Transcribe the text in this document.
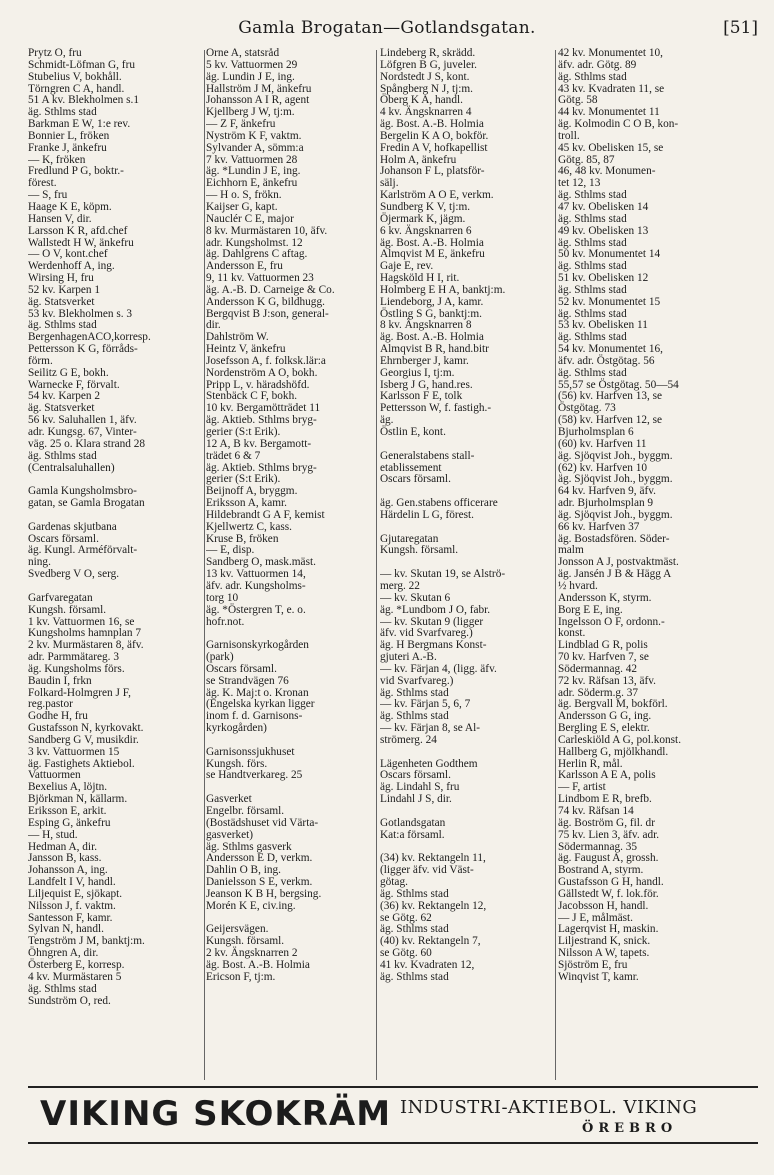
Gamla Brogatan—Gotlandsgatan.	[51]
Prytz O, fru
Schmidt-Löfman G, fru
Stubelius V, bokhåll.
Törngren C A, handl.
51 A kv. Blekholmen s.1
äg. Sthlms stad
Barkman E W, 1:e rev.
Bonnier L, fröken
Franke J, änkefru
— K, fröken
Fredlund P G, boktr.-
förest.
— S, fru
Haage K E, köpm.
Hansen V, dir.
Larsson K R, afd.chef
Wallstedt H W, änkefru
— O V, kont.chef
Werdenhoff A, ing.
Wirsing H, fru
52 kv. Karpen 1
äg. Statsverket
53 kv. Blekholmen s. 3
äg. Sthlms stad
BergenhagenACO,korresp.
Pettersson K G, förråds-
förm.
Seilitz G E, bokh.
Warnecke F, förvalt.
54 kv. Karpen 2
äg. Statsverket
56 kv. Saluhallen 1, äfv.
adr. Kungsg. 67, Vinter-
väg. 25 o. Klara strand 28
äg. Sthlms stad
(Centralsaluhallen)

Gamla Kungsholmsbro-
gatan, se Gamla Brogatan

Gardenas skjutbana
Oscars församl.
äg. Kungl. Arméförvalt-
ning.
Svedberg V O, serg.

Garfvaregatan
Kungsh. församl.
1 kv. Vattuormen 16, se
Kungsholms hamnplan 7
2 kv. Murmästaren 8, äfv.
adr. Parmmätareg. 3
äg. Kungsholms förs.
Baudin I, frkn
Folkard-Holmgren J F,
reg.pastor
Godhe H, fru
Gustafsson N, kyrkovakt.
Sandberg G V, musikdir.
3 kv. Vattuormen 15
äg. Fastighets Aktiebol.
Vattuormen
Bexelius A, löjtn.
Björkman N, källarm.
Eriksson E, arkit.
Esping G, änkefru
— H, stud.
Hedman A, dir.
Jansson B, kass.
Johansson A, ing.
Landfelt I V, handl.
Liljequist E, sjökapt.
Nilsson J, f. vaktm.
Santesson F, kamr.
Sylvan N, handl.
Tengström J M, banktj:m.
Öhngren A, dir.
Österberg E, korresp.
4 kv. Murmästaren 5
äg. Sthlms stad
Sundström O, red.
Örne A, statsråd
5 kv. Vattuormen 29
äg. Lundin J E, ing.
Hallström J M, änkefru
Johansson A I R, agent
Kjellberg J W, tj:m.
— Z F, änkefru
Nyström K F, vaktm.
Sylvander A, sömm:a
7 kv. Vattuormen 28
äg. *Lundin J E, ing.
Eichhorn E, änkefru
— H o. S, frökn.
Kaijser G, kapt.
Nauclér C E, major
8 kv. Murmästaren 10, äfv.
adr. Kungsholmst. 12
äg. Dahlgrens C aftag.
Andersson E, fru
9, 11 kv. Vattuormen 23
äg. A.-B. D. Carneige & Co.
Andersson K G, bildhugg.
Bergqvist B J:son, general-
dir.
Dahlström W.
Heintz V, änkefru
Josefsson A, f. folksk.lär:a
Nordenström A O, bokh.
Pripp L, v. häradshöfd.
Stenbäck C F, bokh.
10 kv. Bergamötträdet 11
äg. Aktieb. Sthlms bryg-
gerier (S:t Erik).
12 A, B kv. Bergamott-
trädet 6 & 7
äg. Aktieb. Sthlms bryg-
gerier (S:t Erik).
Beijnoff A, bryggm.
Eriksson A, kamr.
Hildebrandt G A F, kemist
Kjellwertz C, kass.
Kruse B, fröken
— E, disp.
Sandberg O, mask.mäst.
13 kv. Vattuormen 14,
äfv. adr. Kungsholms-
torg 10
äg. *Östergren T, e. o.
hofr.not.

Garnisonskyrkogården
(park)
Oscars församl.
se Strandvägen 76
äg. K. Maj:t o. Kronan
(Engelska kyrkan ligger
inom f. d. Garnisons-
kyrkogården)

Garnisonssjukhuset
Kungsh. förs.
se Handtverkareg. 25

Gasverket
Engelbr. församl.
(Bostädshuset vid Värta-
gasverket)
äg. Sthlms gasverk
Andersson E D, verkm.
Dahlin O B, ing.
Danielsson S E, verkm.
Jeanson K B H, bergsing.
Morén K E, civ.ing.

Geijersvägen.
Kungsh. församl.
2 kv. Ängsknarren 2
äg. Bost. A.-B. Holmia
Ericson F, tj:m.
Lindeberg R, skrädd.
Löfgren B G, juveler.
Nordstedt J S, kont.
Spångberg N J, tj:m.
Öberg K A, handl.
4 kv. Ängsknarren 4
äg. Bost. A.-B. Holmia
Bergelin K A O, bokför.
Fredin A V, hofkapellist
Holm A, änkefru
Johanson F L, platsför-
sälj.
Karlström A O E, verkm.
Sundberg K V, tj:m.
Öjermark K, jägm.
6 kv. Ängsknarren 6
äg. Bost. A.-B. Holmia
Almqvist M E, änkefru
Gaje E, rev.
Hagsköld H I, rit.
Holmberg E H A, banktj:m.
Liendeborg, J A, kamr.
Östling S G, banktj:m.
8 kv. Ängsknarren 8
äg. Bost. A.-B. Holmia
Almqvist B R, hand.bitr
Ehrnberger J, kamr.
Georgius I, tj:m.
Isberg J G, hand.res.
Karlsson F E, tolk
Pettersson W, f. fastigh.-
äg.
Östlin E, kont.

Generalstabens stall-
etablissement
Oscars församl.

äg. Gen.stabens officerare
Härdelin L G, förest.

Gjutaregatan
Kungsh. församl.

— kv. Skutan 19, se Alströ-
merg. 22
— kv. Skutan 6
äg. *Lundbom J O, fabr.
— kv. Skutan 9 (ligger
äfv. vid Svarfvareg.)
äg. H Bergmans Konst-
gjuteri A.-B.
— kv. Färjan 4, (ligg. äfv.
vid Svarfvareg.)
äg. Sthlms stad
— kv. Färjan 5, 6, 7
äg. Sthlms stad
— kv. Färjan 8, se Al-
strömerg. 24

Lägenheten Godthem
Oscars församl.
äg. Lindahl S, fru
Lindahl J S, dir.

Gotlandsgatan
Kat:a församl.

(34) kv. Rektangeln 11,
(ligger äfv. vid Väst-
götag.
äg. Sthlms stad
(36) kv. Rektangeln 12,
se Götg. 62
äg. Sthlms stad
(40) kv. Rektangeln 7,
se Götg. 60
41 kv. Kvadraten 12,
äg. Sthlms stad
42 kv. Monumentet 10,
äfv. adr. Götg. 89
äg. Sthlms stad
43 kv. Kvadraten 11, se
Götg. 58
44 kv. Monumentet 11
äg. Kolmodin C O B, kon-
troll.
45 kv. Obelisken 15, se
Götg. 85, 87
46, 48 kv. Monumen-
tet 12, 13
äg. Sthlms stad
47 kv. Obelisken 14
äg. Sthlms stad
49 kv. Obelisken 13
äg. Sthlms stad
50 kv. Monumentet 14
äg. Sthlms stad
51 kv. Obelisken 12
äg. Sthlms stad
52 kv. Monumentet 15
äg. Sthlms stad
53 kv. Obelisken 11
äg. Sthlms stad
54 kv. Monumentet 16,
äfv. adr. Östgötag. 56
äg. Sthlms stad
55,57 se Östgötag. 50—54
(56) kv. Harfven 13, se
Östgötag. 73
(58) kv. Harfven 12, se
Bjurholmsplan 6
(60) kv. Harfven 11
äg. Sjöqvist Joh., byggm.
(62) kv. Harfven 10
äg. Sjöqvist Joh., byggm.
64 kv. Harfven 9, äfv.
adr. Bjurholmsplan 9
äg. Sjöqvist Joh., byggm.
66 kv. Harfven 37
äg. Bostadsfören. Söder-
malm
Jonsson A J, postvaktmäst.
äg. Jansén J B & Hägg A
½ hvard.
Andersson K, styrm.
Borg E E, ing.
Ingelsson O F, ordonn.-
konst.
Lindblad G R, polis
70 kv. Harfven 7, se
Södermannag. 42
72 kv. Räfsan 13, äfv.
adr. Söderm.g. 37
äg. Bergvall M, bokförl.
Andersson G G, ing.
Bergling E S, elektr.
Carleskiöld A G, pol.konst.
Hallberg G, mjölkhandl.
Herlin R, mål.
Karlsson A E A, polis
— F, artist
Lindbom E R, brefb.
74 kv. Räfsan 14
äg. Boström G, fil. dr
75 kv. Lien 3, äfv. adr.
Södermannag. 35
äg. Faugust A, grossh.
Bostrand A, styrm.
Gustafsson G H, handl.
Gällstedt W, f. lok.för.
Jacobsson H, handl.
— J E, målmäst.
Lagerqvist H, maskin.
Liljestrand K, snick.
Nilsson A W, tapets.
Sjöström E, fru
Winqvist T, kamr.
VIKING SKOKRÄM INDUSTRI-AKTIEBOL. VIKING
ÖREBRO
